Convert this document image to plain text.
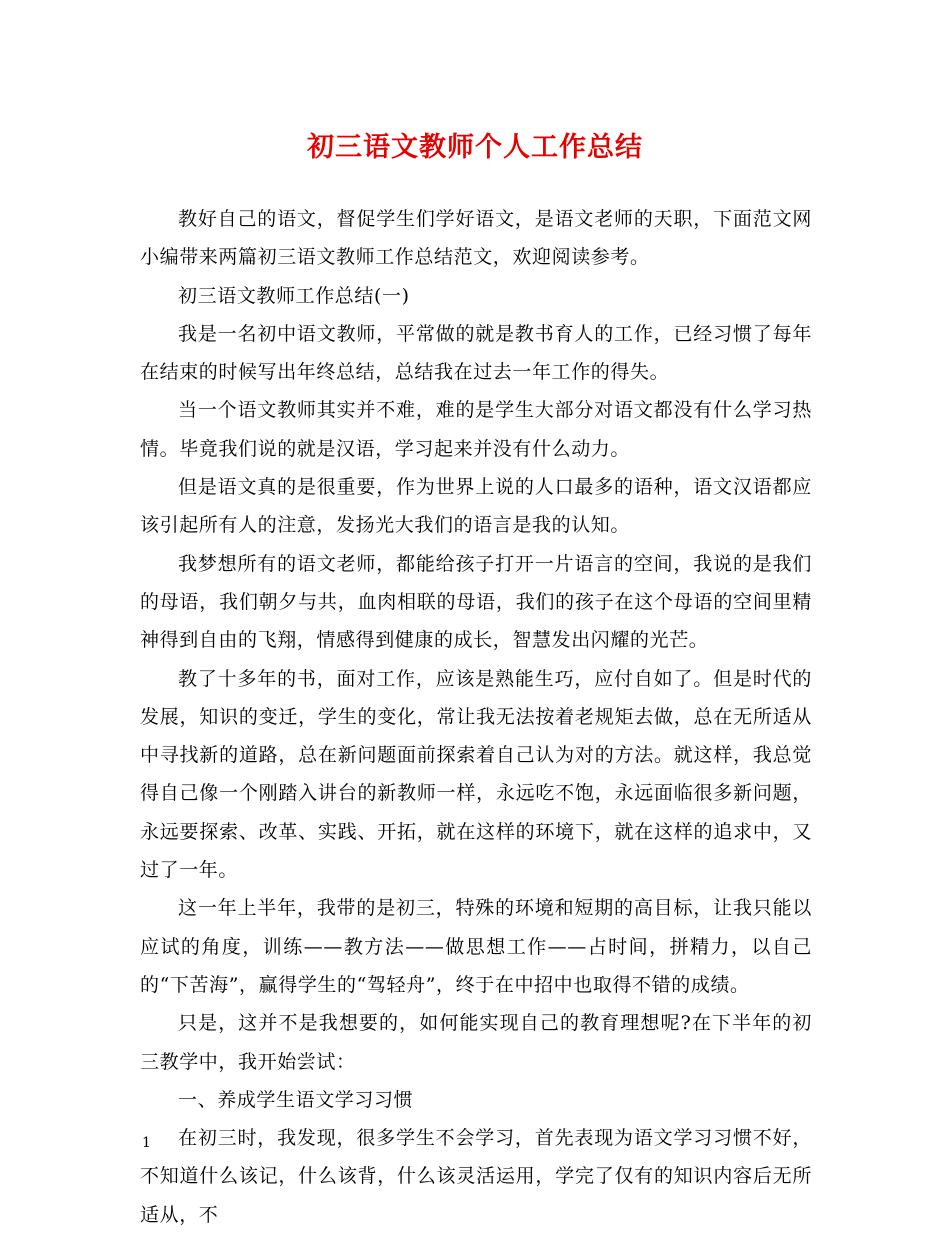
初三语文教师个人工作总结

教好自己的语文，督促学生们学好语文，是语文老师的天职，下面范文网小编带来两篇初三语文教师工作总结范文，欢迎阅读参考。

初三语文教师工作总结(一)

我是一名初中语文教师，平常做的就是教书育人的工作，已经习惯了每年在结束的时候写出年终总结，总结我在过去一年工作的得失。

当一个语文教师其实并不难，难的是学生大部分对语文都没有什么学习热情。毕竟我们说的就是汉语，学习起来并没有什么动力。

但是语文真的是很重要，作为世界上说的人口最多的语种，语文汉语都应该引起所有人的注意，发扬光大我们的语言是我的认知。

我梦想所有的语文老师，都能给孩子打开一片语言的空间，我说的是我们的母语，我们朝夕与共，血肉相联的母语，我们的孩子在这个母语的空间里精神得到自由的飞翔，情感得到健康的成长，智慧发出闪耀的光芒。

教了十多年的书，面对工作，应该是熟能生巧，应付自如了。但是时代的发展，知识的变迁，学生的变化，常让我无法按着老规矩去做，总在无所适从中寻找新的道路，总在新问题面前探索着自己认为对的方法。就这样，我总觉得自己像一个刚踏入讲台的新教师一样，永远吃不饱，永远面临很多新问题，永远要探索、改革、实践、开拓，就在这样的环境下，就在这样的追求中，又过了一年。

这一年上半年，我带的是初三，特殊的环境和短期的高目标，让我只能以应试的角度，训练——教方法——做思想工作——占时间，拼精力，以自己的“下苦海”，赢得学生的“驾轻舟”，终于在中招中也取得不错的成绩。

只是，这并不是我想要的，如何能实现自己的教育理想呢?在下半年的初三教学中，我开始尝试：

一、养成学生语文学习习惯

在初三时，我发现，很多学生不会学习，首先表现为语文学习习惯不好，不知道什么该记，什么该背，什么该灵活运用，学完了仅有的知识内容后无所适从，不

1
